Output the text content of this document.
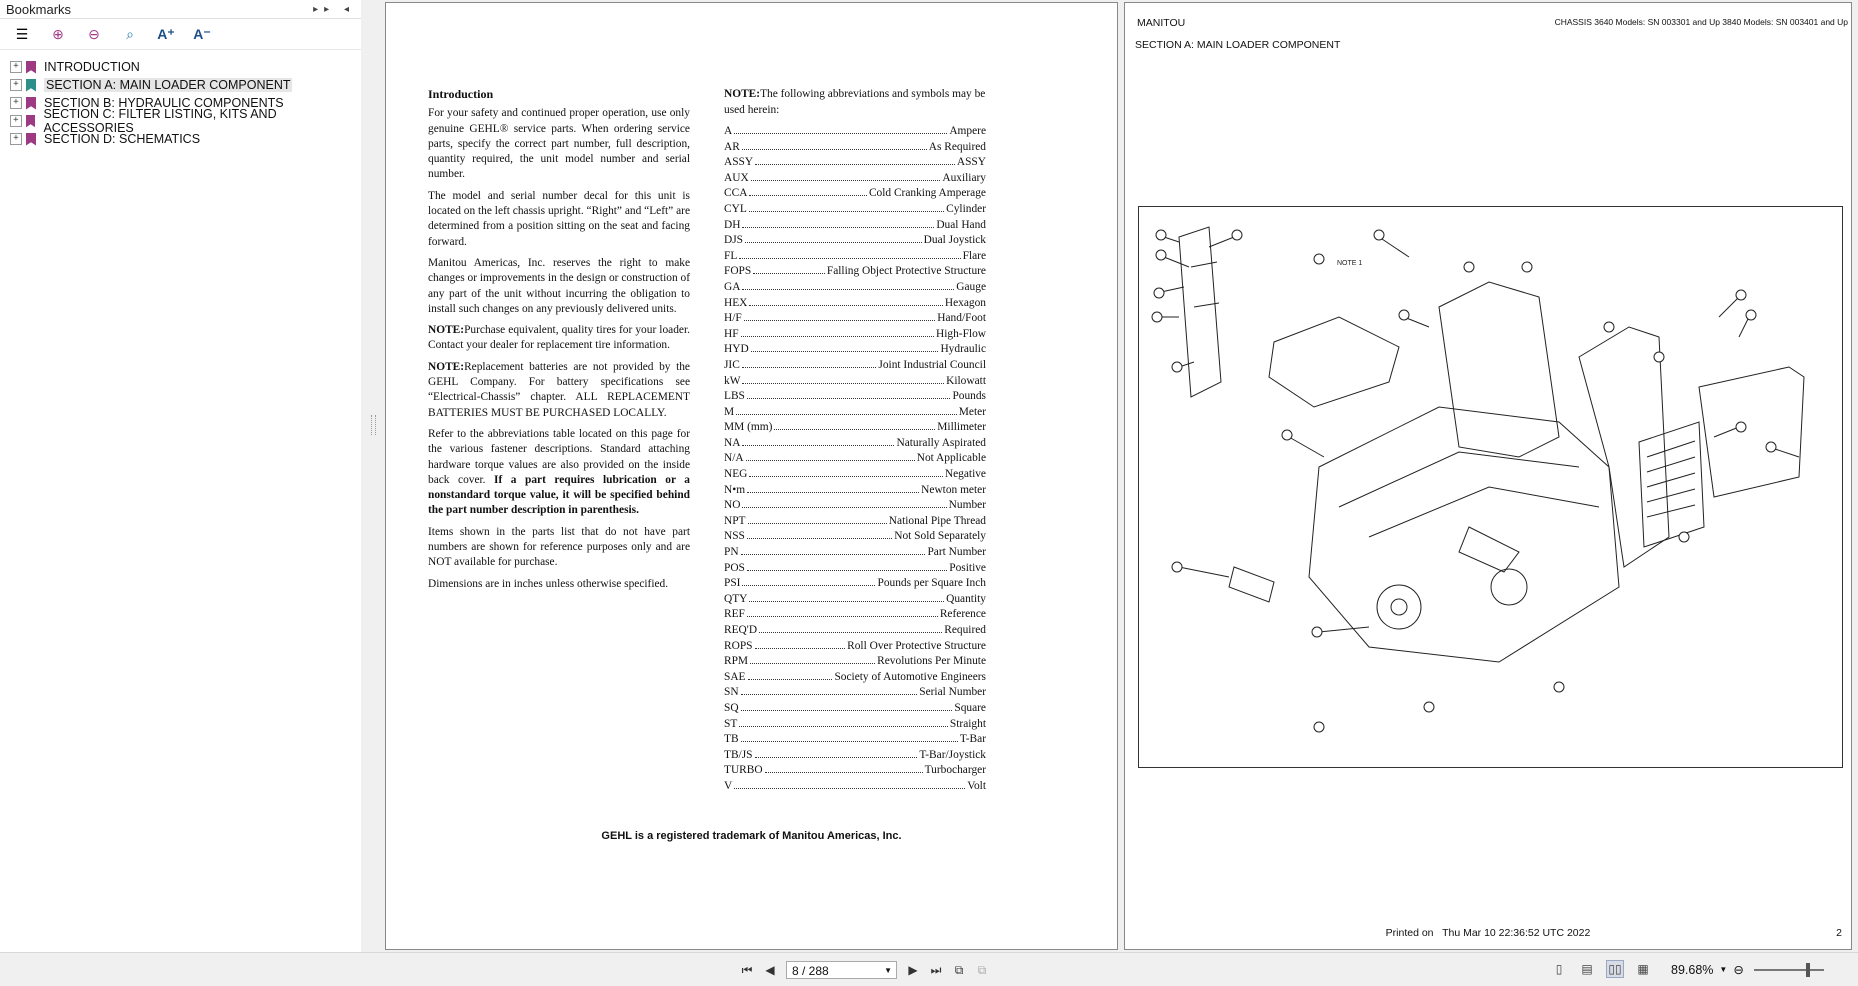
Bookmarks	▸▸ ◂
☰ ⊕ ⊖	⌕	A⁺ A⁻
+ INTRODUCTION
+ SECTION A: MAIN LOADER COMPONENT
+ SECTION B: HYDRAULIC COMPONENTS
+ SECTION C: FILTER LISTING, KITS AND ACCESSORIES
+ SECTION D: SCHEMATICS
Introduction

For your safety and continued proper operation, use only genuine GEHL® service parts. When ordering service parts, specify the correct part number, full description, quantity required, the unit model number and serial number.

The model and serial number decal for this unit is located on the left chassis upright. “Right” and “Left” are determined from a position sitting on the seat and facing forward.

Manitou Americas, Inc. reserves the right to make changes or improvements in the design or construction of any part of the unit without incurring the obligation to install such changes on any previously delivered units.

NOTE:Purchase equivalent, quality tires for your loader. Contact your dealer for replacement tire information.

NOTE:Replacement batteries are not provided by the GEHL Company. For battery specifications see “Electrical-Chassis” chapter. ALL REPLACEMENT BATTERIES MUST BE PURCHASED LOCALLY.

Refer to the abbreviations table located on this page for the various fastener descriptions. Standard attaching hardware torque values are also provided on the inside back cover. If a part requires lubrication or a nonstandard torque value, it will be specified behind the part number description in parenthesis.

Items shown in the parts list that do not have part numbers are shown for reference purposes only and are NOT available for purchase.

Dimensions are in inches unless otherwise specified.

NOTE:The following abbreviations and symbols may be used herein:
A	Ampere
AR	As Required
ASSY	ASSY
AUX	Auxiliary
CCA	Cold Cranking Amperage
CYL	Cylinder
DH	Dual Hand
DJS	Dual Joystick
FL	Flare
FOPS	Falling Object Protective Structure
GA	Gauge
HEX	Hexagon
H/F	Hand/Foot
HF	High-Flow
HYD	Hydraulic
JIC	Joint Industrial Council
kW	Kilowatt
LBS	Pounds
M	Meter
MM (mm)	Millimeter
NA	Naturally Aspirated
N/A	Not Applicable
NEG	Negative
N•m	Newton meter
NO	Number
NPT	National Pipe Thread
NSS	Not Sold Separately
PN	Part Number
POS	Positive
PSI	Pounds per Square Inch
QTY	Quantity
REF	Reference
REQ'D	Required
ROPS	Roll Over Protective Structure
RPM	Revolutions Per Minute
SAE	Society of Automotive Engineers
SN	Serial Number
SQ	Square
ST	Straight
TB	T-Bar
TB/JS	T-Bar/Joystick
TURBO	Turbocharger
V	Volt
GEHL is a registered trademark of Manitou Americas, Inc.
MANITOU	CHASSIS 3640 Models: SN 003301 and Up 3840 Models: SN 003401 and Up
SECTION A: MAIN LOADER COMPONENT
NOTE 1
Printed on Thu Mar 10 22:36:52 UTC 2022	2
⏮ ◀	8 / 288	▼ ▶ ⏭ ⧉ ⧉	▯	▤ ▯▯ ▦ 89.68% ▼ ⊖
